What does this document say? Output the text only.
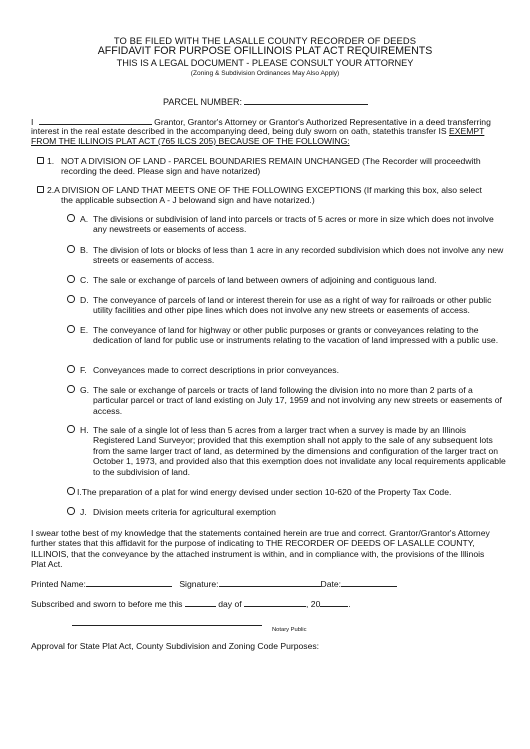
TO BE FILED WITH THE LASALLE COUNTY RECORDER OF DEEDS
AFFIDAVIT FOR PURPOSE OFILLINOIS PLAT ACT REQUIREMENTS
THIS IS A LEGAL DOCUMENT - PLEASE CONSULT YOUR ATTORNEY
(Zoning & Subdivision Ordinances May Also Apply)
PARCEL NUMBER:
I	Grantor, Grantor's Attorney or Grantor's Authorized Representative in a deed transferring
interest in the real estate described in the accompanying deed, being duly sworn on oath, statethis transfer IS EXEMPT
FROM THE ILLINOIS PLAT ACT (765 ILCS 205) BECAUSE OF THE FOLLOWING:
1. NOT A DIVISION OF LAND - PARCEL BOUNDARIES REMAIN UNCHANGED (The Recorder will proceedwith
recording the deed. Please sign and have notarized)
2.A DIVISION OF LAND THAT MEETS ONE OF THE FOLLOWING EXCEPTIONS (If marking this box, also select
the applicable subsection A - J belowand sign and have notarized.)
A. The divisions or subdivision of land into parcels or tracts of 5 acres or more in size which does not involve any newstreets or easements of access.
B. The division of lots or blocks of less than 1 acre in any recorded subdivision which does not involve any new streets or easements of access.
C. The sale or exchange of parcels of land between owners of adjoining and contiguous land.
D. The conveyance of parcels of land or interest therein for use as a right of way for railroads or other public utility facilities and other pipe lines which does not involve any new streets or easements of access.
E. The conveyance of land for highway or other public purposes or grants or conveyances relating to the dedication of land for public use or instruments relating to the vacation of land impressed with a public use.
F. Conveyances made to correct descriptions in prior conveyances.
G. The sale or exchange of parcels or tracts of land following the division into no more than 2 parts of a particular parcel or tract of land existing on July 17, 1959 and not involving any new streets or easements of access.
H. The sale of a single lot of less than 5 acres from a larger tract when a survey is made by an Illinois Registered Land Surveyor; provided that this exemption shall not apply to the sale of any subsequent lots from the same larger tract of land, as determined by the dimensions and configuration of the larger tract on October 1, 1973, and provided also that this exemption does not invalidate any local requirements applicable to the subdivision of land.
I.The preparation of a plat for wind energy devised under section 10-620 of the Property Tax Code.
J. Division meets criteria for agricultural exemption
I swear tothe best of my knowledge that the statements contained herein are true and correct. Grantor/Grantor's Attorney further states that this affidavit for the purpose of indicating to THE RECORDER OF DEEDS OF LASALLE COUNTY, ILLINOIS, that the conveyance by the attached instrument is within, and in compliance with, the provisions of the Illinois Plat Act.
Printed Name:	Signature:	Date:
Subscribed and sworn to before me this	day of	, 20	.
Notary Public
Approval for State Plat Act, County Subdivision and Zoning Code Purposes:
